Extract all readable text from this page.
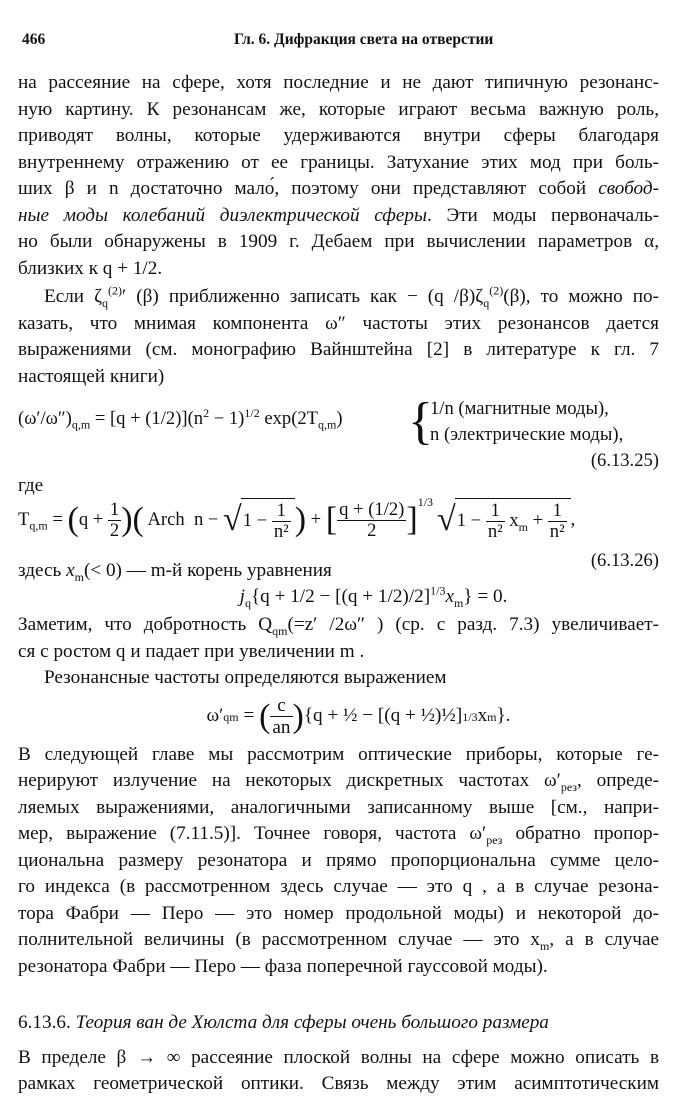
466	Гл. 6. Дифракция света на отверстии

на рассеяние на сфере, хотя последние и не дают типичную резонанс-
ную картину. К резонансам же, которые играют весьма важную роль,
приводят волны, которые удерживаются внутри сферы благодаря
внутреннему отражению от ее границы. Затухание этих мод при боль-
ших β и n достаточно мало́, поэтому они представляют собой свобод-
ные моды колебаний диэлектрической сферы. Эти моды первоначаль-
но были обнаружены в 1909 г. Дебаем при вычислении параметров α,
близких к q + 1/2.

Если $\zeta_q^{(2)}'$ (β) приближенно записать как − (q $/\beta)\zeta_q^{(2)}(\beta)$, то можно по-
казать, что мнимая компонента ω″ частоты этих резонансов дается
выражениями (см. монографию Вайнштейна [2] в литературе к гл. 7
настоящей книги)

$(\omega'/\omega'')_{q,m} = [q + (1/2)](n^2 - 1)^{1/2}$ $\exp(2T_{q,m})$ {
1/n (магнитные моды),
n (электрические моды),
(6.13.25)
где
$T_{q,m}$ = ( $q + \frac{1}{2}$ )( Arch  n − √ $1 - \frac{1}{\text{n²}}$ ) + [ $\frac{q + (1/2)}{2}$ ] 1/3 √ $1 - \frac{1}{\text{n²}} x_m + \frac{1}{\text{n²}}$ ,
здесь $x_m(< 0)$ — m-й корень уравнения	(6.13.26)
$j_q\{q + 1/2 - [(q + 1/2)/2]^{1/3}x_m\} = 0$.

Заметим, что добротность $Q_{qm}(=z'$ /2ω″ ) (ср. с разд. 7.3) увеличивает-
ся с ростом q и падает при увеличении m .

Резонансные частоты определяются выражением

ω′ qm = ( $\frac{c}{an}$ ) {q + ½ − [(q + ½)½] 1/3 x m }.

В следующей главе мы рассмотрим оптические приборы, которые ге-
нерируют излучение на некоторых дискретных частотах $\omega'_{рез}$, опреде-
ляемых выражениями, аналогичными записанному выше [см., напри-
мер, выражение (7.11.5)]. Точнее говоря, частота $\omega'_{рез}$ обратно пропор-
циональна размеру резонатора и прямо пропорциональна сумме цело-
го индекса (в рассмотренном здесь случае — это q , а в случае резона-
тора Фабри — Перо — это номер продольной моды) и некоторой до-
полнительной величины (в рассмотренном случае — это $x_m$, а в случае
резонатора Фабри — Перо — фаза поперечной гауссовой моды).

6.13.6. Теория ван де Хюлста для сферы очень большого размера

В пределе β → ∞ рассеяние плоской волны на сфере можно описать в
рамках геометрической оптики. Связь между этим асимптотическим
